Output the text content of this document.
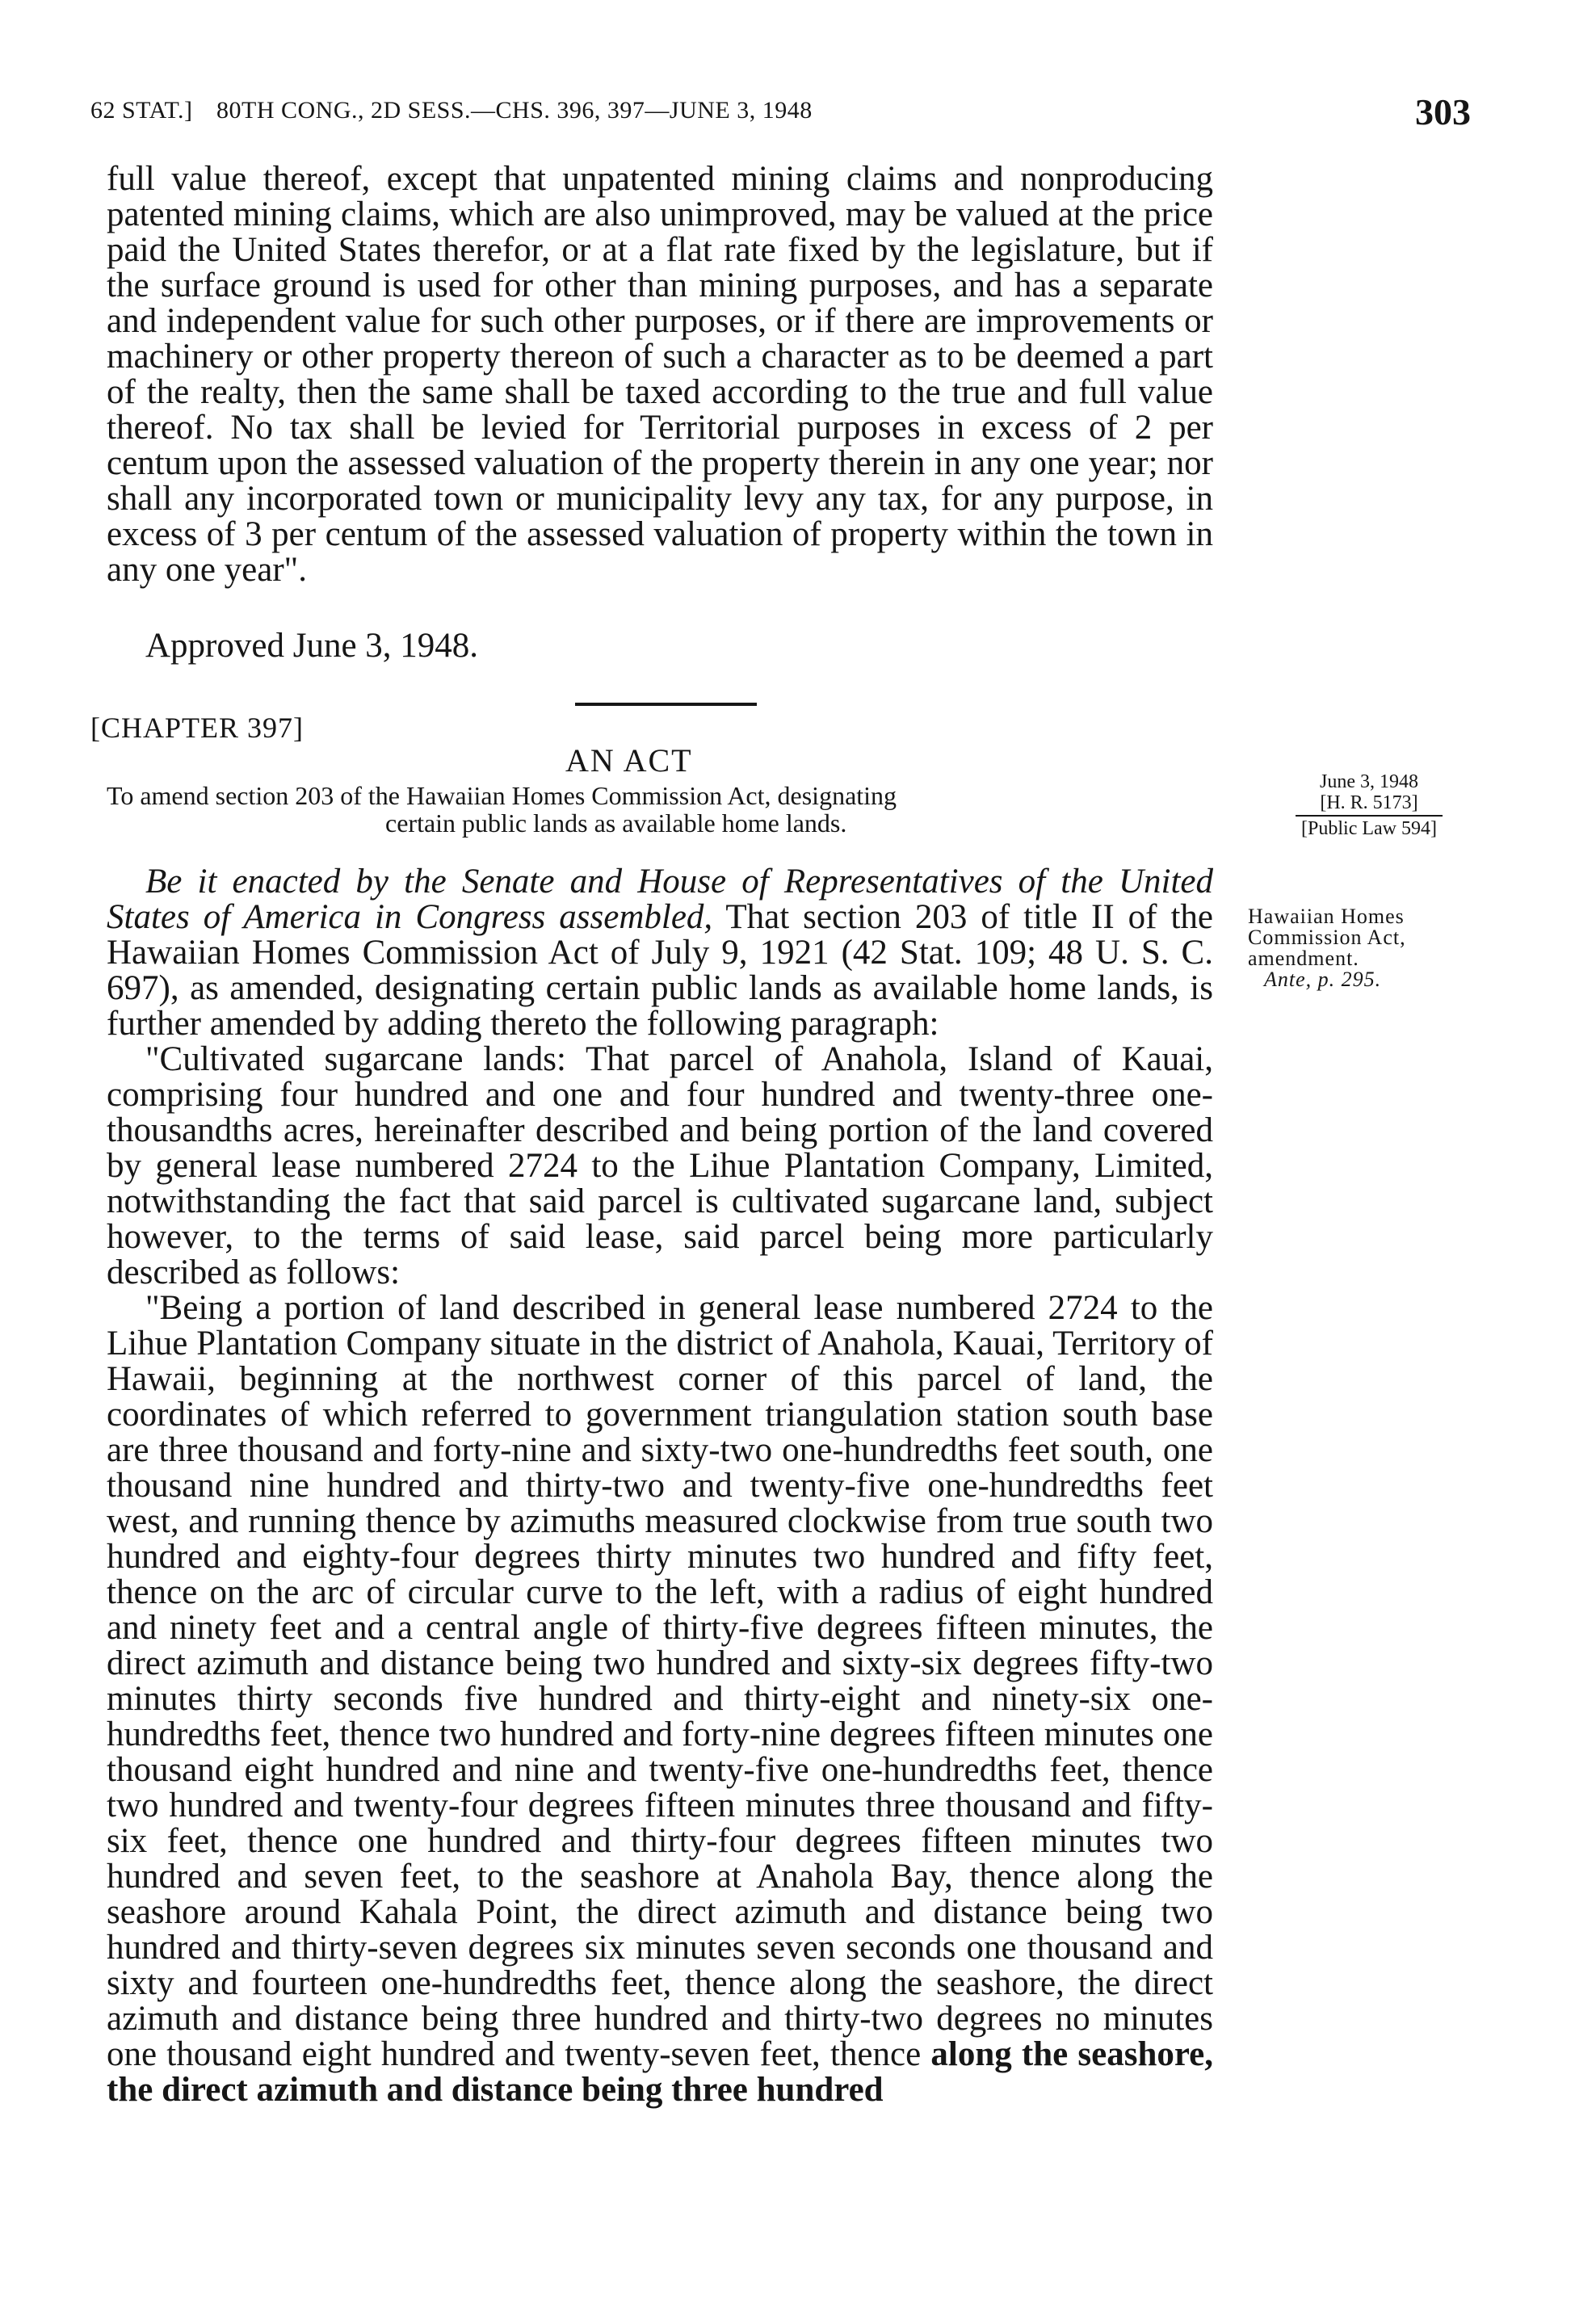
62 STAT.] 80TH CONG., 2D SESS.—CHS. 396, 397—JUNE 3, 1948	303

full value thereof, except that unpatented mining claims and nonproducing patented mining claims, which are also unimproved, may be valued at the price paid the United States therefor, or at a flat rate fixed by the legislature, but if the surface ground is used for other than mining purposes, and has a separate and independent value for such other purposes, or if there are improvements or machinery or other property thereon of such a character as to be deemed a part of the realty, then the same shall be taxed according to the true and full value thereof. No tax shall be levied for Territorial purposes in excess of 2 per centum upon the assessed valuation of the property therein in any one year; nor shall any incorporated town or municipality levy any tax, for any purpose, in excess of 3 per centum of the assessed valuation of property within the town in any one year".

Approved June 3, 1948.
[CHAPTER 397]
AN ACT

To amend section 203 of the Hawaiian Homes Commission Act, designating

certain public lands as available home lands.

June 3, 1948
[H. R. 5173]
[Public Law 594]
Hawaiian Homes
Commission Act,
amendment.
Ante, p. 295.

Be it enacted by the Senate and House of Representatives of the United States of America in Congress assembled, That section 203 of title II of the Hawaiian Homes Commission Act of July 9, 1921 (42 Stat. 109; 48 U. S. C. 697), as amended, designating certain public lands as available home lands, is further amended by adding thereto the following paragraph:

"Cultivated sugarcane lands: That parcel of Anahola, Island of Kauai, comprising four hundred and one and four hundred and twenty-three one-thousandths acres, hereinafter described and being portion of the land covered by general lease numbered 2724 to the Lihue Plantation Company, Limited, notwithstanding the fact that said parcel is cultivated sugarcane land, subject however, to the terms of said lease, said parcel being more particularly described as follows:

"Being a portion of land described in general lease numbered 2724 to the Lihue Plantation Company situate in the district of Anahola, Kauai, Territory of Hawaii, beginning at the northwest corner of this parcel of land, the coordinates of which referred to government triangulation station south base are three thousand and forty-nine and sixty-two one-hundredths feet south, one thousand nine hundred and thirty-two and twenty-five one-hundredths feet west, and running thence by azimuths measured clockwise from true south two hundred and eighty-four degrees thirty minutes two hundred and fifty feet, thence on the arc of circular curve to the left, with a radius of eight hundred and ninety feet and a central angle of thirty-five degrees fifteen minutes, the direct azimuth and distance being two hundred and sixty-six degrees fifty-two minutes thirty seconds five hundred and thirty-eight and ninety-six one-hundredths feet, thence two hundred and forty-nine degrees fifteen minutes one thousand eight hundred and nine and twenty-five one-hundredths feet, thence two hundred and twenty-four degrees fifteen minutes three thousand and fifty-six feet, thence one hundred and thirty-four degrees fifteen minutes two hundred and seven feet, to the seashore at Anahola Bay, thence along the seashore around Kahala Point, the direct azimuth and distance being two hundred and thirty-seven degrees six minutes seven seconds one thousand and sixty and fourteen one-hundredths feet, thence along the seashore, the direct azimuth and distance being three hundred and thirty-two degrees no minutes one thousand eight hundred and twenty-seven feet, thence along the seashore, the direct azimuth and distance being three hundred
